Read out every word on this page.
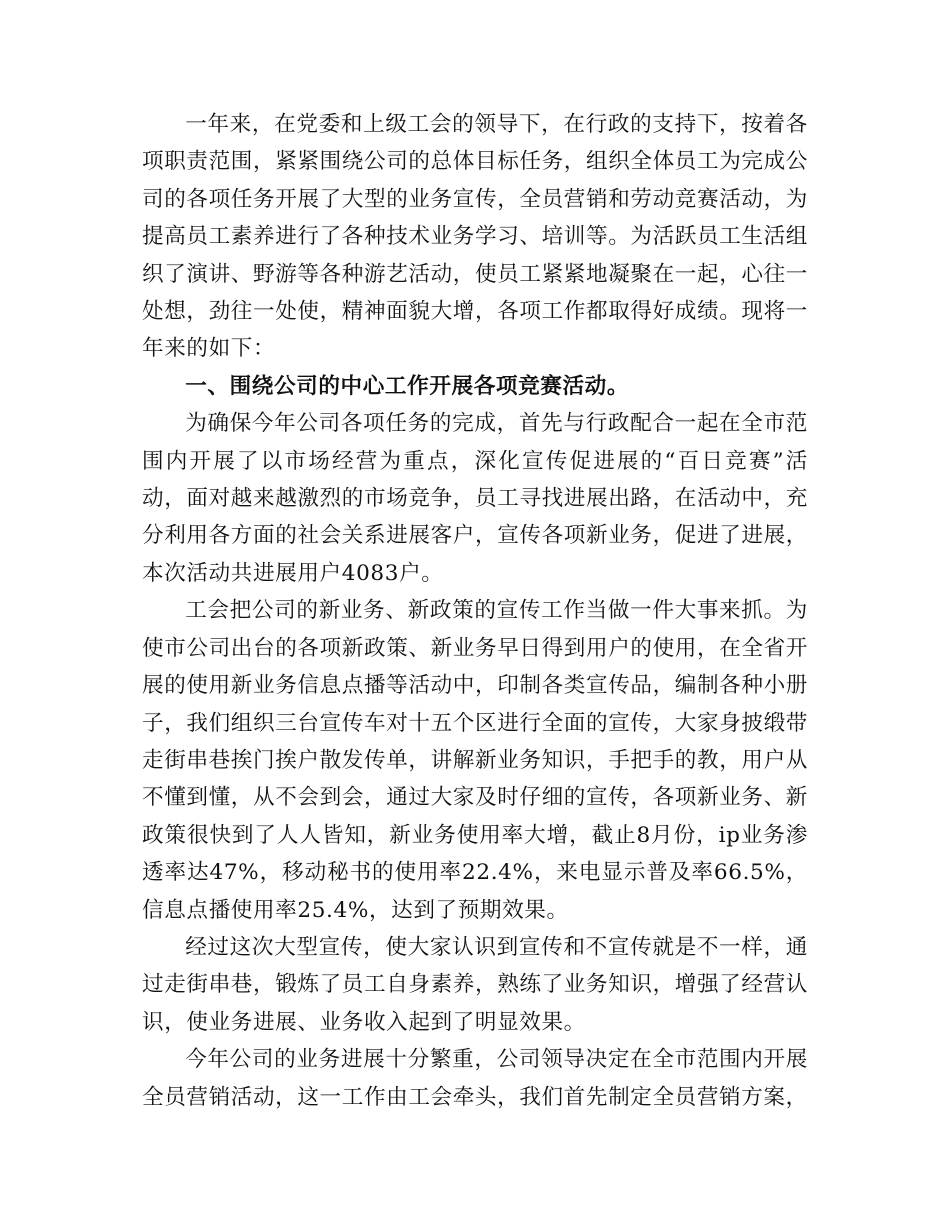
一年来，在党委和上级工会的领导下，在行政的支持下，按着各项职责范围，紧紧围绕公司的总体目标任务，组织全体员工为完成公司的各项任务开展了大型的业务宣传，全员营销和劳动竞赛活动，为提高员工素养进行了各种技术业务学习、培训等。为活跃员工生活组织了演讲、野游等各种游艺活动，使员工紧紧地凝聚在一起，心往一处想，劲往一处使，精神面貌大增，各项工作都取得好成绩。现将一年来的如下：

一、围绕公司的中心工作开展各项竞赛活动。

为确保今年公司各项任务的完成，首先与行政配合一起在全市范围内开展了以市场经营为重点，深化宣传促进展的“百日竞赛”活动，面对越来越激烈的市场竞争，员工寻找进展出路，在活动中，充分利用各方面的社会关系进展客户，宣传各项新业务，促进了进展，本次活动共进展用户4083户。

工会把公司的新业务、新政策的宣传工作当做一件大事来抓。为使市公司出台的各项新政策、新业务早日得到用户的使用，在全省开展的使用新业务信息点播等活动中，印制各类宣传品，编制各种小册子，我们组织三台宣传车对十五个区进行全面的宣传，大家身披缎带走街串巷挨门挨户散发传单，讲解新业务知识，手把手的教，用户从不懂到懂，从不会到会，通过大家及时仔细的宣传，各项新业务、新政策很快到了人人皆知，新业务使用率大增，截止8月份，ip业务渗透率达47%，移动秘书的使用率22.4%，来电显示普及率66.5%，信息点播使用率25.4%，达到了预期效果。

经过这次大型宣传，使大家认识到宣传和不宣传就是不一样，通过走街串巷，锻炼了员工自身素养，熟练了业务知识，增强了经营认识，使业务进展、业务收入起到了明显效果。

今年公司的业务进展十分繁重，公司领导决定在全市范围内开展全员营销活动，这一工作由工会牵头，我们首先制定全员营销方案，
